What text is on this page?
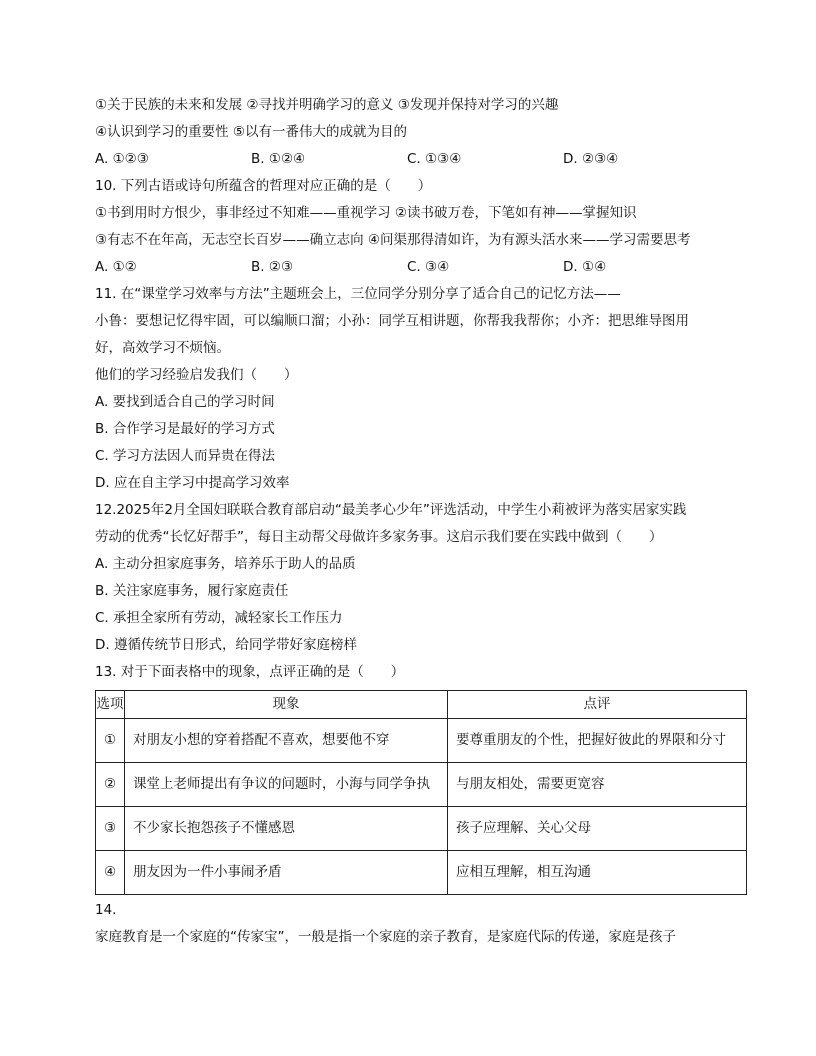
①关于民族的未来和发展 ②寻找并明确学习的意义 ③发现并保持对学习的兴趣
④认识到学习的重要性 ⑤以有一番伟大的成就为目的
A. ①②③	B. ①②④	C. ①③④	D. ②③④
10. 下列古语或诗句所蕴含的哲理对应正确的是（　　）
①书到用时方恨少，事非经过不知难——重视学习 ②读书破万卷，下笔如有神——掌握知识
③有志不在年高，无志空长百岁——确立志向 ④问渠那得清如许，为有源头活水来——学习需要思考
A. ①②	B. ②③	C. ③④	D. ①④
11. 在“课堂学习效率与方法”主题班会上，三位同学分别分享了适合自己的记忆方法——
小鲁：要想记忆得牢固，可以编顺口溜；小孙：同学互相讲题，你帮我我帮你；小齐：把思维导图用
好，高效学习不烦恼。
他们的学习经验启发我们（　　）
A. 要找到适合自己的学习时间
B. 合作学习是最好的学习方式
C. 学习方法因人而异贵在得法
D. 应在自主学习中提高学习效率
12.2025年2月全国妇联联合教育部启动“最美孝心少年”评选活动，中学生小莉被评为落实居家实践
劳动的优秀“长忆好帮手”，每日主动帮父母做许多家务事。这启示我们要在实践中做到（　　）
A. 主动分担家庭事务，培养乐于助人的品质
B. 关注家庭事务，履行家庭责任
C. 承担全家所有劳动，减轻家长工作压力
D. 遵循传统节日形式，给同学带好家庭榜样
13. 对于下面表格中的现象，点评正确的是（　　）
选项	现象	点评
①	对朋友小想的穿着搭配不喜欢，想要他不穿	要尊重朋友的个性，把握好彼此的界限和分寸
②	课堂上老师提出有争议的问题时，小海与同学争执	与朋友相处，需要更宽容
③	不少家长抱怨孩子不懂感恩	孩子应理解、关心父母
④	朋友因为一件小事闹矛盾	应相互理解，相互沟通
14.
家庭教育是一个家庭的“传家宝”，一般是指一个家庭的亲子教育，是家庭代际的传递，家庭是孩子
